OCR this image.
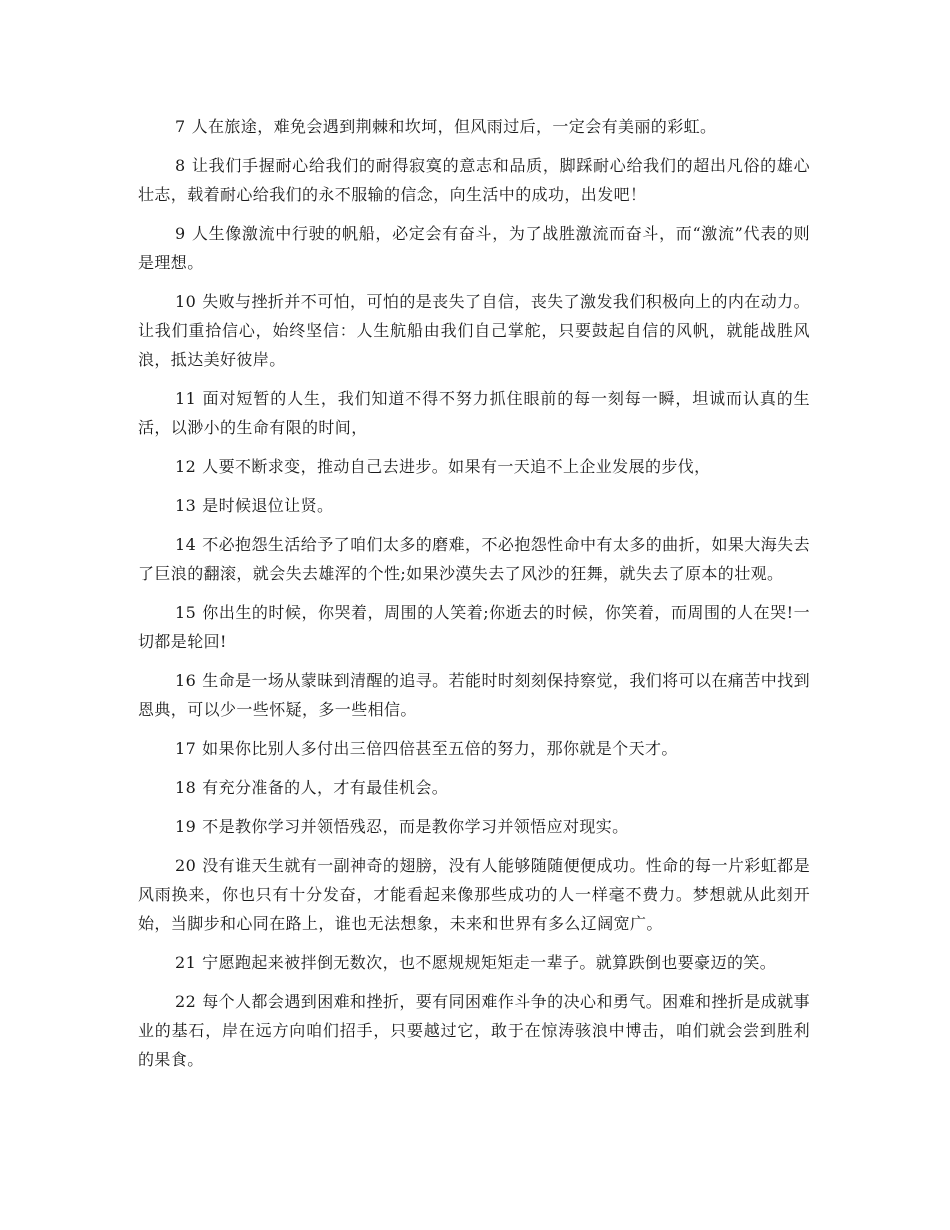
7 人在旅途，难免会遇到荆棘和坎坷，但风雨过后，一定会有美丽的彩虹。

8 让我们手握耐心给我们的耐得寂寞的意志和品质，脚踩耐心给我们的超出凡俗的雄心壮志，载着耐心给我们的永不服输的信念，向生活中的成功，出发吧！

9 人生像激流中行驶的帆船，必定会有奋斗，为了战胜激流而奋斗，而“激流”代表的则是理想。

10 失败与挫折并不可怕，可怕的是丧失了自信，丧失了激发我们积极向上的内在动力。让我们重拾信心，始终坚信：人生航船由我们自己掌舵，只要鼓起自信的风帆，就能战胜风浪，抵达美好彼岸。

11 面对短暂的人生，我们知道不得不努力抓住眼前的每一刻每一瞬，坦诚而认真的生活，以渺小的生命有限的时间，

12 人要不断求变，推动自己去进步。如果有一天追不上企业发展的步伐，

13 是时候退位让贤。

14 不必抱怨生活给予了咱们太多的磨难，不必抱怨性命中有太多的曲折，如果大海失去了巨浪的翻滚，就会失去雄浑的个性;如果沙漠失去了风沙的狂舞，就失去了原本的壮观。

15 你出生的时候，你哭着，周围的人笑着;你逝去的时候，你笑着，而周围的人在哭!一切都是轮回!

16 生命是一场从蒙昧到清醒的追寻。若能时时刻刻保持察觉，我们将可以在痛苦中找到恩典，可以少一些怀疑，多一些相信。

17 如果你比别人多付出三倍四倍甚至五倍的努力，那你就是个天才。

18 有充分准备的人，才有最佳机会。

19 不是教你学习并领悟残忍，而是教你学习并领悟应对现实。

20 没有谁天生就有一副神奇的翅膀，没有人能够随随便便成功。性命的每一片彩虹都是风雨换来，你也只有十分发奋，才能看起来像那些成功的人一样毫不费力。梦想就从此刻开始，当脚步和心同在路上，谁也无法想象，未来和世界有多么辽阔宽广。

21 宁愿跑起来被拌倒无数次，也不愿规规矩矩走一辈子。就算跌倒也要豪迈的笑。

22 每个人都会遇到困难和挫折，要有同困难作斗争的决心和勇气。困难和挫折是成就事业的基石，岸在远方向咱们招手，只要越过它，敢于在惊涛骇浪中博击，咱们就会尝到胜利的果食。
